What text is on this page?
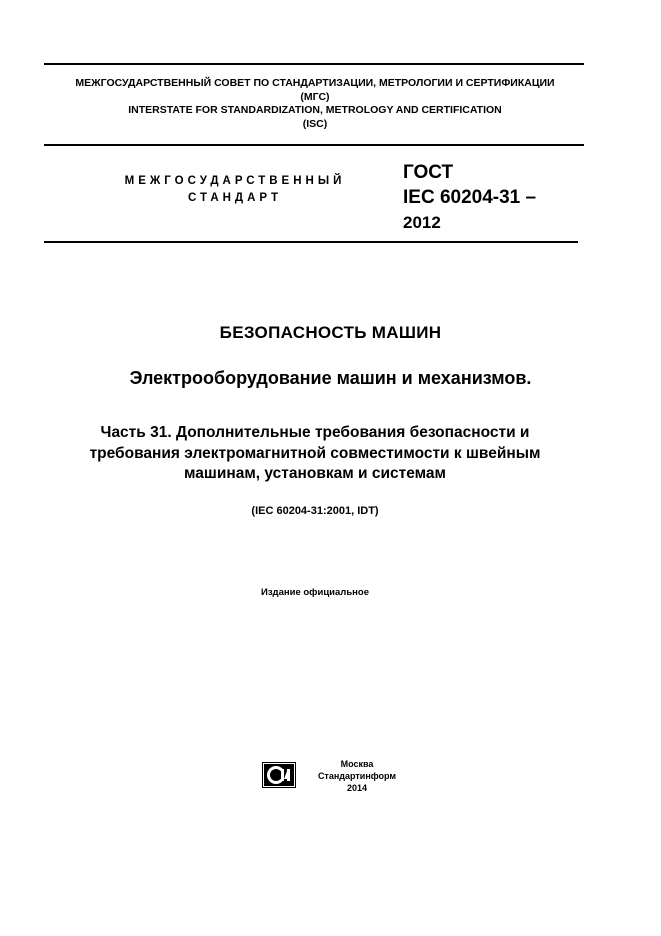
МЕЖГОСУДАРСТВЕННЫЙ СОВЕТ ПО СТАНДАРТИЗАЦИИ, МЕТРОЛОГИИ И СЕРТИФИКАЦИИ
(МГС)
INTERSTATE FOR STANDARDIZATION, METROLOGY AND CERTIFICATION
(ISC)
МЕЖГОСУДАРСТВЕННЫЙ
СТАНДАРТ
ГОСТ
IEC 60204-31 –
2012
БЕЗОПАСНОСТЬ МАШИН
Электрооборудование машин и механизмов.
Часть 31. Дополнительные требования безопасности и
требования электромагнитной совместимости к швейным
машинам, установкам и системам
(IEC 60204-31:2001, IDT)
Издание официальное
Москва
Стандартинформ
2014
